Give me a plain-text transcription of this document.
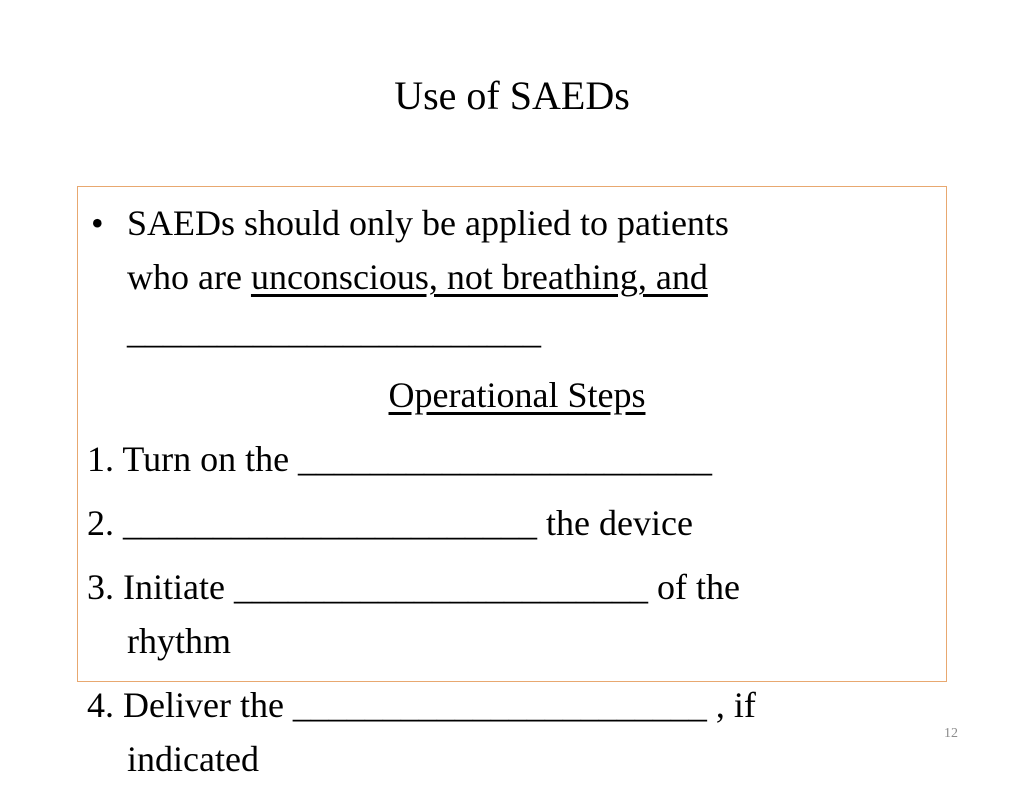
Use of SAEDs
• SAEDs should only be applied to patients
who are unconscious, not breathing, and
_______________________
Operational Steps
1. Turn on the _______________________
2. _______________________ the device
3. Initiate _______________________ of the
rhythm
4. Deliver the _______________________ , if
indicated
12
